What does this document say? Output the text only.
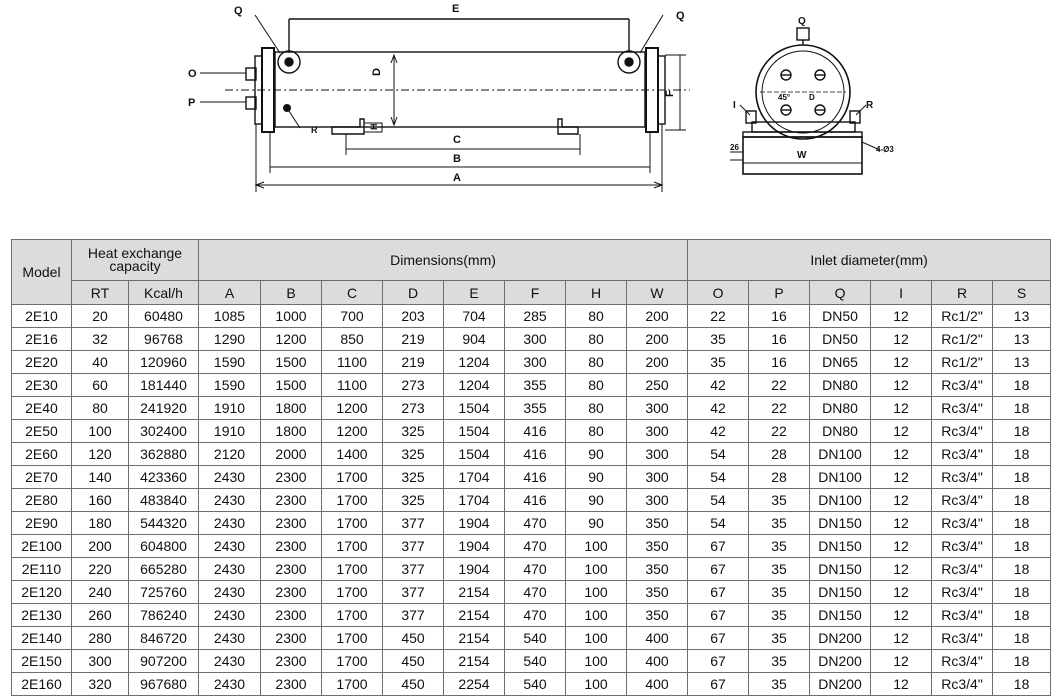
Q	E
Q
O
P
D
R	H
C
B
A
F
Q
I	R
45° D
26
W
4-Ø3
Model	Heat exchange capacity		Dimensions(mm)								Inlet diameter(mm)					
	RT	Kcal/h	A	B	C	D	E	F	H	W	O	P	Q	I	R	S
2E10	20	60480	1085	1000	700	203	704	285	80	200	22	16	DN50	12	Rc1/2"	13
2E16	32	96768	1290	1200	850	219	904	300	80	200	35	16	DN50	12	Rc1/2"	13
2E20	40	120960	1590	1500	1100	219	1204	300	80	200	35	16	DN65	12	Rc1/2"	13
2E30	60	181440	1590	1500	1100	273	1204	355	80	250	42	22	DN80	12	Rc3/4"	18
2E40	80	241920	1910	1800	1200	273	1504	355	80	300	42	22	DN80	12	Rc3/4"	18
2E50	100	302400	1910	1800	1200	325	1504	416	80	300	42	22	DN80	12	Rc3/4"	18
2E60	120	362880	2120	2000	1400	325	1504	416	90	300	54	28	DN100	12	Rc3/4"	18
2E70	140	423360	2430	2300	1700	325	1704	416	90	300	54	28	DN100	12	Rc3/4"	18
2E80	160	483840	2430	2300	1700	325	1704	416	90	300	54	35	DN100	12	Rc3/4"	18
2E90	180	544320	2430	2300	1700	377	1904	470	90	350	54	35	DN150	12	Rc3/4"	18
2E100	200	604800	2430	2300	1700	377	1904	470	100	350	67	35	DN150	12	Rc3/4"	18
2E110	220	665280	2430	2300	1700	377	1904	470	100	350	67	35	DN150	12	Rc3/4"	18
2E120	240	725760	2430	2300	1700	377	2154	470	100	350	67	35	DN150	12	Rc3/4"	18
2E130	260	786240	2430	2300	1700	377	2154	470	100	350	67	35	DN150	12	Rc3/4"	18
2E140	280	846720	2430	2300	1700	450	2154	540	100	400	67	35	DN200	12	Rc3/4"	18
2E150	300	907200	2430	2300	1700	450	2154	540	100	400	67	35	DN200	12	Rc3/4"	18
2E160	320	967680	2430	2300	1700	450	2254	540	100	400	67	35	DN200	12	Rc3/4"	18
